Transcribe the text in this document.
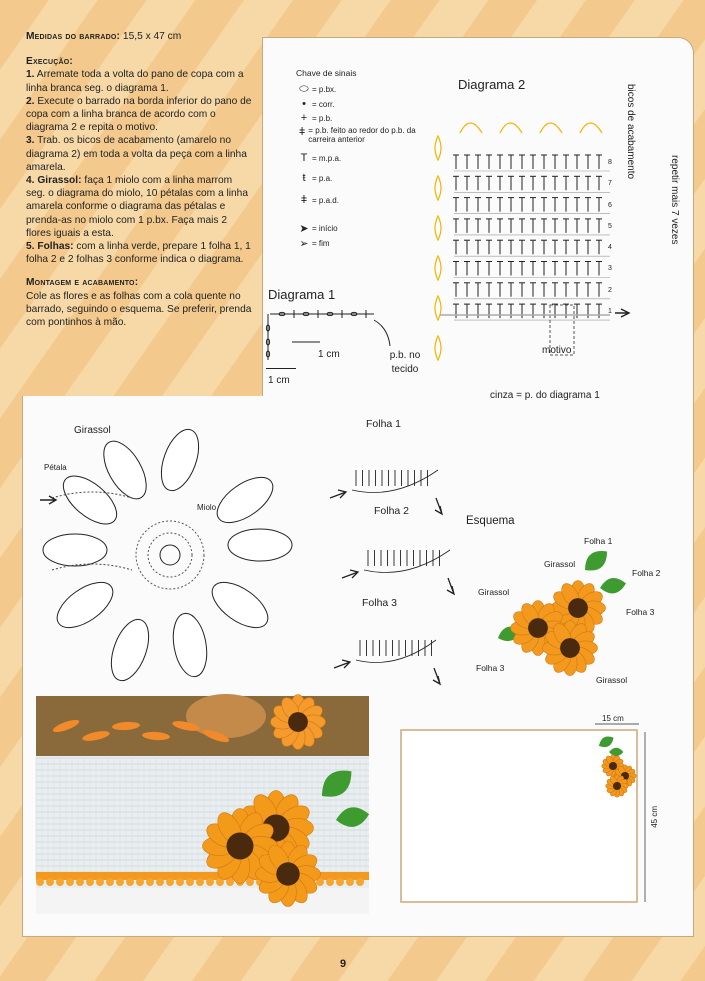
Medidas do barrado: 15,5 x 47 cm

Execução:

1. Arremate toda a volta do pano de copa com a linha branca seg. o diagrama 1.

2. Execute o barrado na borda inferior do pano de copa com a linha branca de acordo com o diagrama 2 e repita o motivo.

3. Trab. os bicos de acabamento (amarelo no diagrama 2) em toda a volta da peça com a linha amarela.

4. Girassol: faça 1 miolo com a linha marrom seg. o diagrama do miolo, 10 pétalas com a linha amarela conforme o diagrama das pétalas e prenda-as no miolo com 1 p.bx. Faça mais 2 flores iguais a esta.

5. Folhas: com a linha verde, prepare 1 folha 1, 1 folha 2 e 2 folhas 3 conforme indica o diagrama.

Montagem e acabamento:

Cole as flores e as folhas com a cola quente no barrado, seguindo o esquema. Se preferir, prenda com pontinhos à mão.

Chave de sinais
⬭ = p.bx.
• = corr.
+ = p.b.
ǂ = p.b. feito ao redor do p.b. da carreira anterior
T = m.p.a.
ŧ = p.a.
ǂ = p.a.d.
➤ = início
➢ = fim
Diagrama 1
1 cm
1 cm
p.b. no tecido
Diagrama 2	bicos de acabamento
repetir mais 7 vezes
8
7
6
5
4
3
2
1
motivo
cinza = p. do diagrama 1
Girassol
Pétala
Miolo
Folha 1
Folha 2
Folha 3
Esquema
Folha 1
Girassol
Folha 2
Girassol
Folha 3
Folha 3
Girassol
15 cm
45 cm
9
